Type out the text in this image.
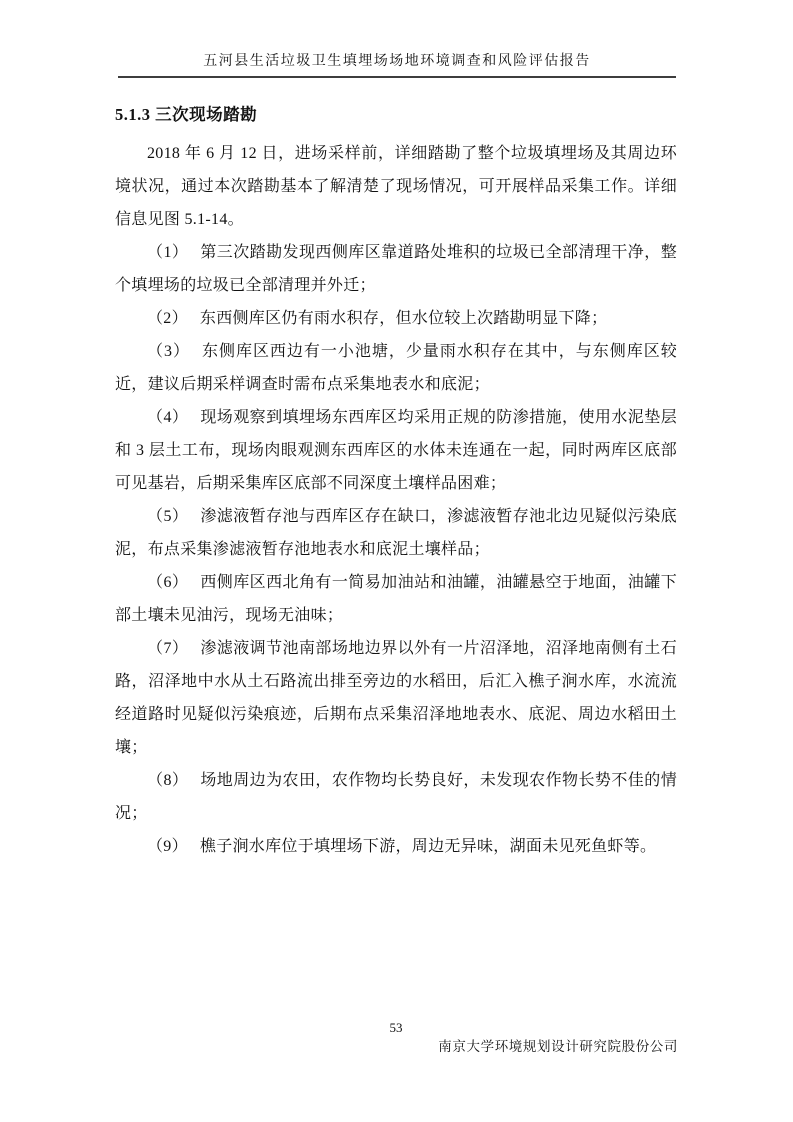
五河县生活垃圾卫生填埋场场地环境调查和风险评估报告
5.1.3 三次现场踏勘

2018 年 6 月 12 日，进场采样前，详细踏勘了整个垃圾填埋场及其周边环境状况，通过本次踏勘基本了解清楚了现场情况，可开展样品采集工作。详细信息见图 5.1-14。

（1） 第三次踏勘发现西侧库区靠道路处堆积的垃圾已全部清理干净，整个填埋场的垃圾已全部清理并外迁；

（2） 东西侧库区仍有雨水积存，但水位较上次踏勘明显下降；

（3） 东侧库区西边有一小池塘，少量雨水积存在其中，与东侧库区较近，建议后期采样调查时需布点采集地表水和底泥；

（4） 现场观察到填埋场东西库区均采用正规的防渗措施，使用水泥垫层和 3 层土工布，现场肉眼观测东西库区的水体未连通在一起，同时两库区底部可见基岩，后期采集库区底部不同深度土壤样品困难；

（5） 渗滤液暂存池与西库区存在缺口，渗滤液暂存池北边见疑似污染底泥，布点采集渗滤液暂存池地表水和底泥土壤样品；

（6） 西侧库区西北角有一简易加油站和油罐，油罐悬空于地面，油罐下部土壤未见油污，现场无油味；

（7） 渗滤液调节池南部场地边界以外有一片沼泽地，沼泽地南侧有土石路，沼泽地中水从土石路流出排至旁边的水稻田，后汇入樵子涧水库，水流流经道路时见疑似污染痕迹，后期布点采集沼泽地地表水、底泥、周边水稻田土壤；

（8） 场地周边为农田，农作物均长势良好，未发现农作物长势不佳的情况；

（9） 樵子涧水库位于填埋场下游，周边无异味，湖面未见死鱼虾等。

53
南京大学环境规划设计研究院股份公司
